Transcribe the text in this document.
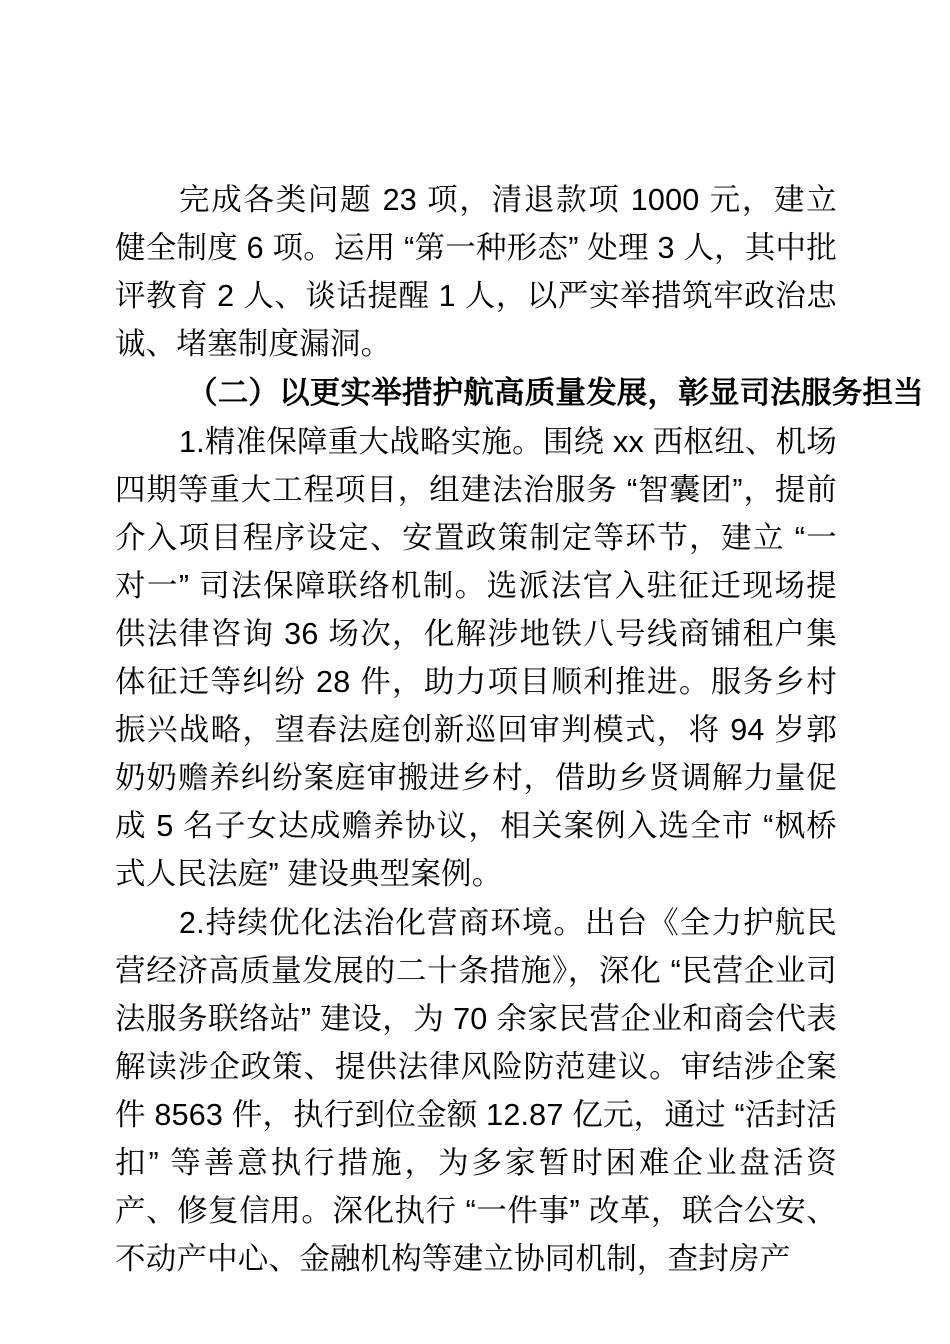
完成各类问题 23 项，清退款项 1000 元，建立健全制度 6 项。运用 “第一种形态” 处理 3 人，其中批评教育 2 人、谈话提醒 1 人，以严实举措筑牢政治忠诚、堵塞制度漏洞。

（二）以更实举措护航高质量发展，彰显司法服务担当

1.精准保障重大战略实施。围绕 xx 西枢纽、机场四期等重大工程项目，组建法治服务 “智囊团”，提前介入项目程序设定、安置政策制定等环节，建立 “一对一” 司法保障联络机制。选派法官入驻征迁现场提供法律咨询 36 场次，化解涉地铁八号线商铺租户集体征迁等纠纷 28 件，助力项目顺利推进。服务乡村振兴战略，望春法庭创新巡回审判模式，将 94 岁郭奶奶赡养纠纷案庭审搬进乡村，借助乡贤调解力量促成 5 名子女达成赡养协议，相关案例入选全市 “枫桥式人民法庭” 建设典型案例。

2.持续优化法治化营商环境。出台《全力护航民营经济高质量发展的二十条措施》，深化 “民营企业司法服务联络站” 建设，为 70 余家民营企业和商会代表解读涉企政策、提供法律风险防范建议。审结涉企案件 8563 件，执行到位金额 12.87 亿元，通过 “活封活扣” 等善意执行措施，为多家暂时困难企业盘活资产、修复信用。深化执行 “一件事” 改革，联合公安、不动产中心、金融机构等建立协同机制，查封房产
